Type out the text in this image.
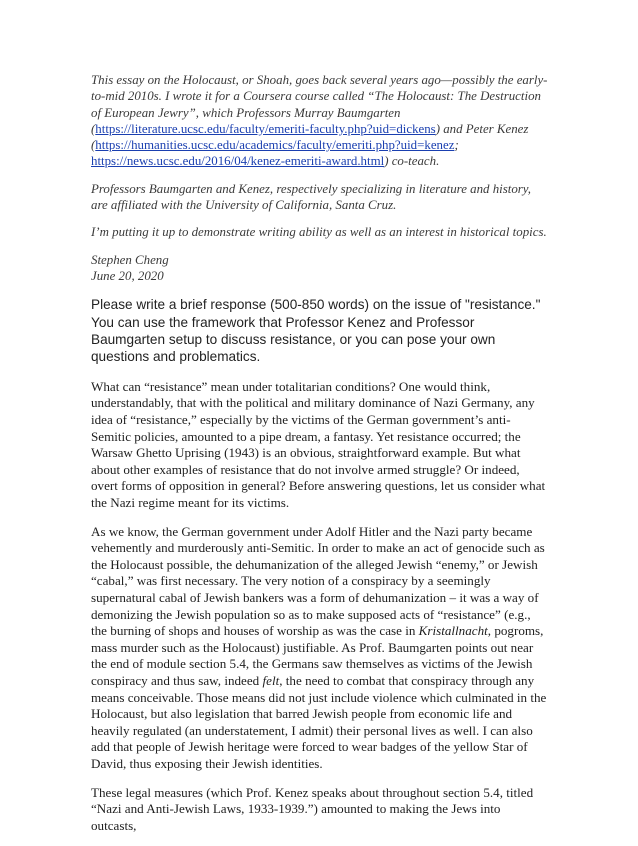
This essay on the Holocaust, or Shoah, goes back several years ago—possibly the early-to-mid 2010s. I wrote it for a Coursera course called “The Holocaust: The Destruction of European Jewry”, which Professors Murray Baumgarten (https://literature.ucsc.edu/faculty/emeriti-faculty.php?uid=dickens) and Peter Kenez (https://humanities.ucsc.edu/academics/faculty/emeriti.php?uid=kenez; https://news.ucsc.edu/2016/04/kenez-emeriti-award.html) co-teach.

Professors Baumgarten and Kenez, respectively specializing in literature and history, are affiliated with the University of California, Santa Cruz.

I’m putting it up to demonstrate writing ability as well as an interest in historical topics.

Stephen Cheng
June 20, 2020

Please write a brief response (500-850 words) on the issue of "resistance." You can use the framework that Professor Kenez and Professor Baumgarten setup to discuss resistance, or you can pose your own questions and problematics.

What can “resistance” mean under totalitarian conditions? One would think, understandably, that with the political and military dominance of Nazi Germany, any idea of “resistance,” especially by the victims of the German government’s anti-Semitic policies, amounted to a pipe dream, a fantasy. Yet resistance occurred; the Warsaw Ghetto Uprising (1943) is an obvious, straightforward example. But what about other examples of resistance that do not involve armed struggle? Or indeed, overt forms of opposition in general? Before answering questions, let us consider what the Nazi regime meant for its victims.

As we know, the German government under Adolf Hitler and the Nazi party became vehemently and murderously anti-Semitic. In order to make an act of genocide such as the Holocaust possible, the dehumanization of the alleged Jewish “enemy,” or Jewish “cabal,” was first necessary. The very notion of a conspiracy by a seemingly supernatural cabal of Jewish bankers was a form of dehumanization – it was a way of demonizing the Jewish population so as to make supposed acts of “resistance” (e.g., the burning of shops and houses of worship as was the case in Kristallnacht, pogroms, mass murder such as the Holocaust) justifiable. As Prof. Baumgarten points out near the end of module section 5.4, the Germans saw themselves as victims of the Jewish conspiracy and thus saw, indeed felt, the need to combat that conspiracy through any means conceivable. Those means did not just include violence which culminated in the Holocaust, but also legislation that barred Jewish people from economic life and heavily regulated (an understatement, I admit) their personal lives as well. I can also add that people of Jewish heritage were forced to wear badges of the yellow Star of David, thus exposing their Jewish identities.

These legal measures (which Prof. Kenez speaks about throughout section 5.4, titled “Nazi and Anti-Jewish Laws, 1933-1939.”) amounted to making the Jews into outcasts,
